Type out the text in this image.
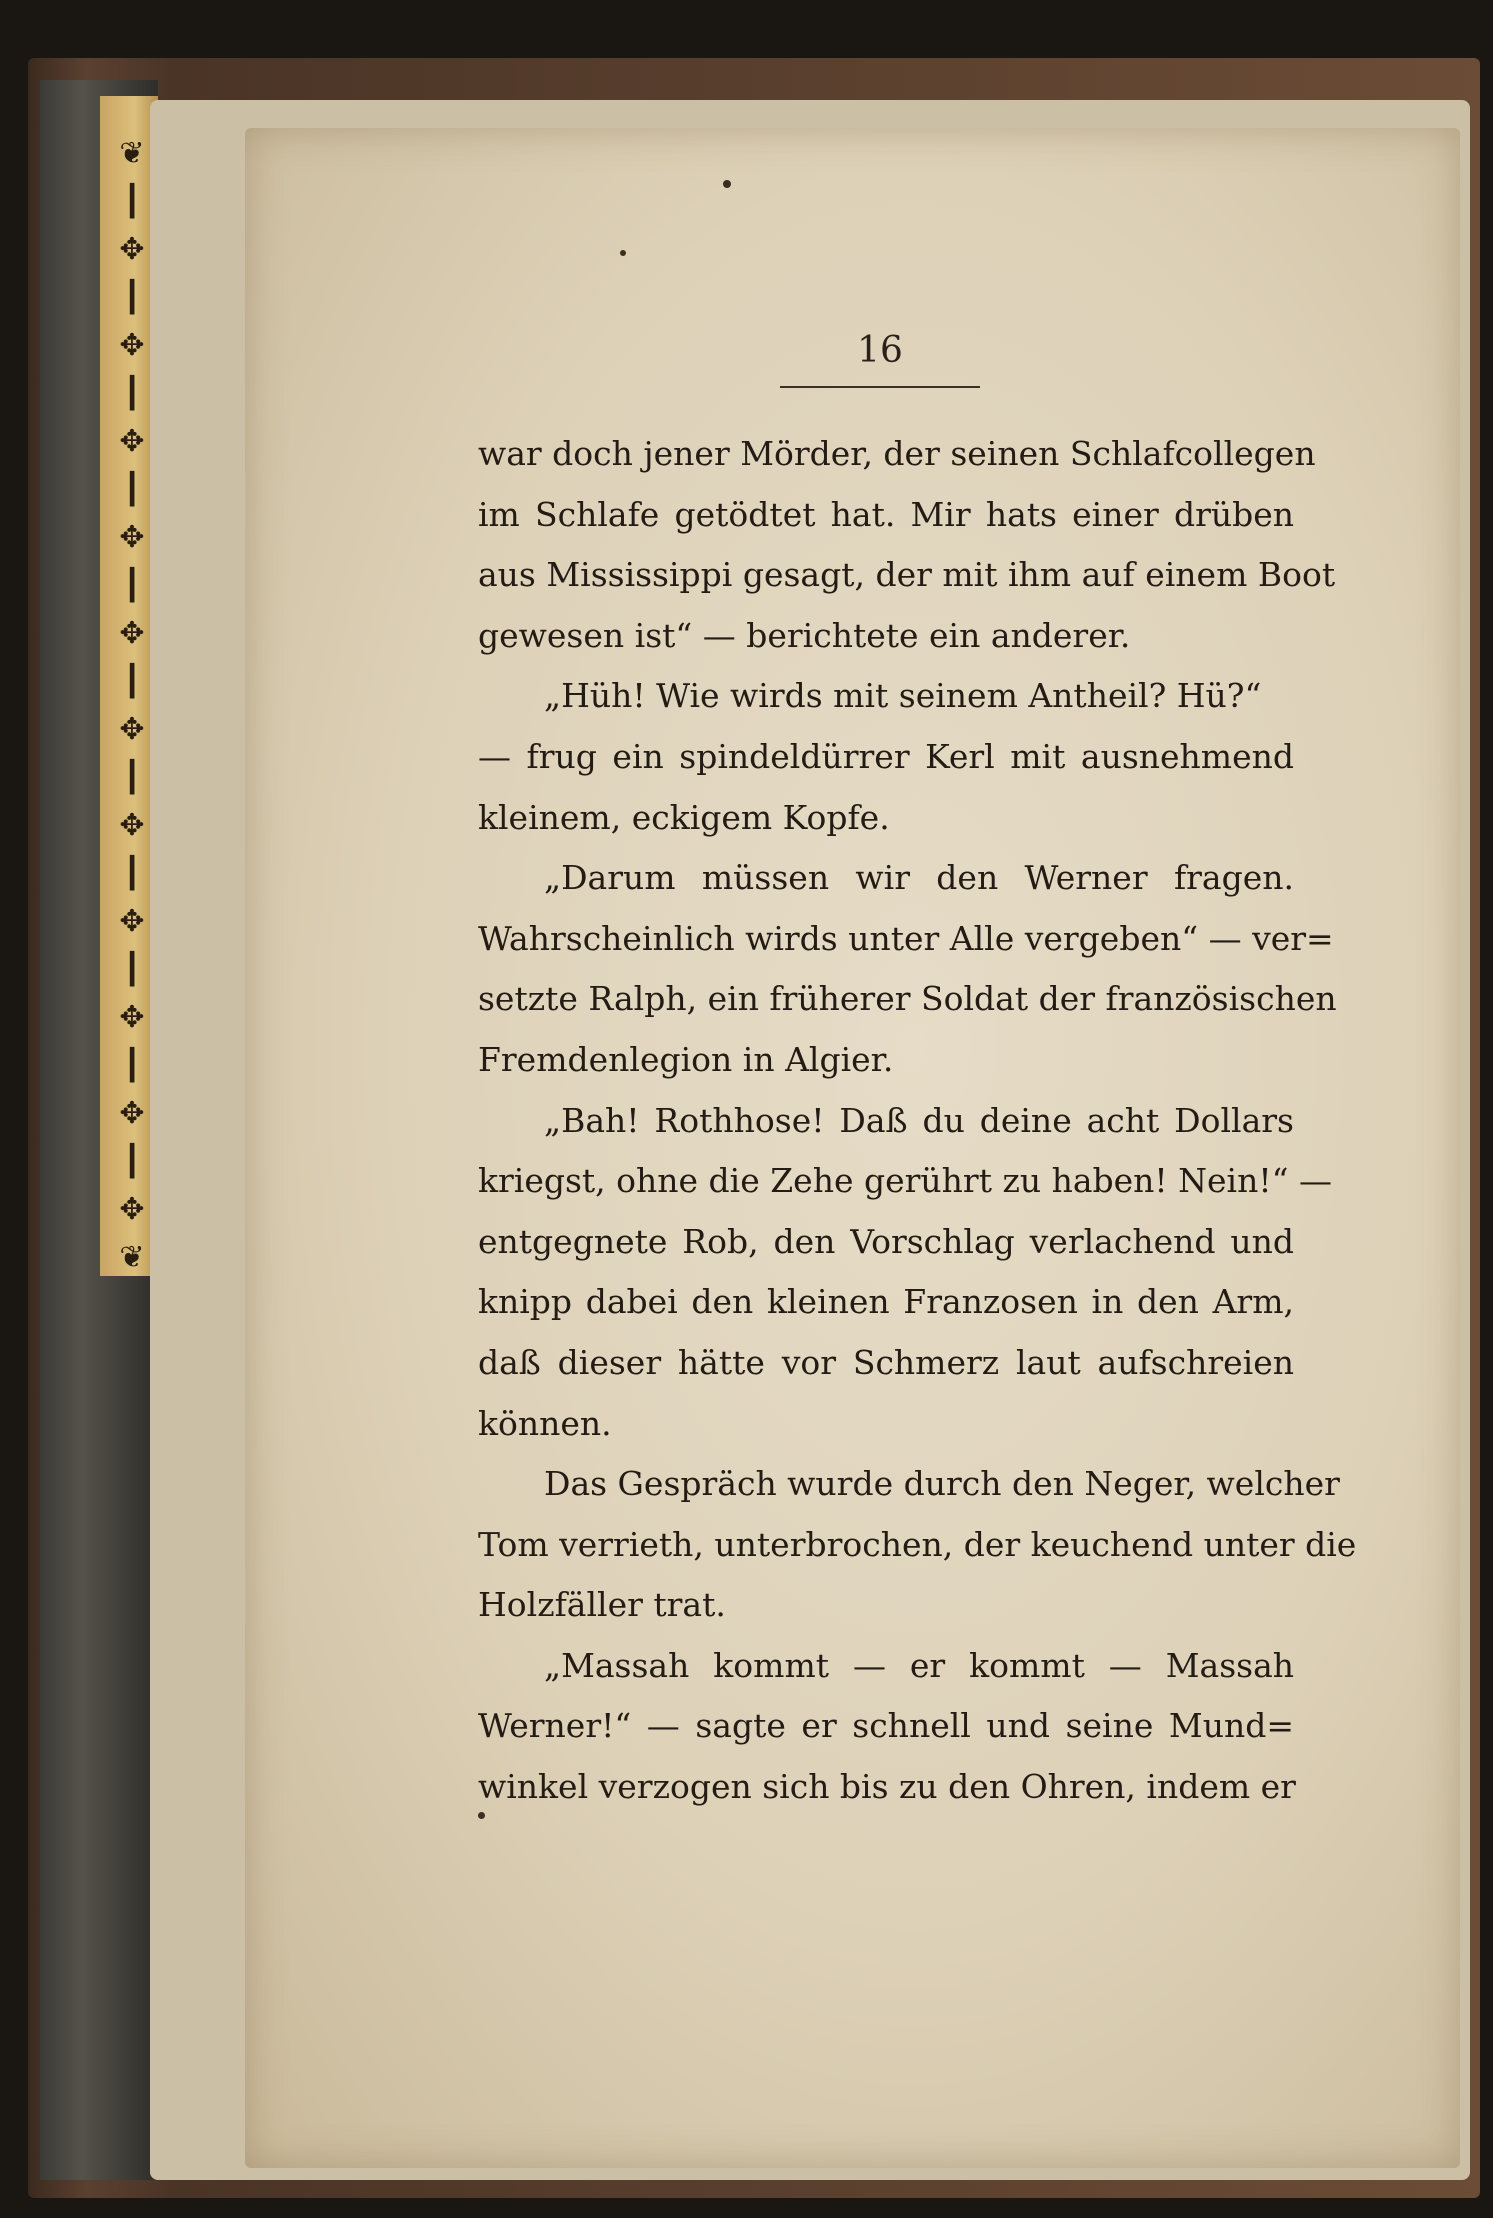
❦
┃
✥
┃
✥
┃
✥
┃
✥
┃
✥
┃
✥
┃
✥
┃
✥
┃
✥
┃
✥
┃
✥
❦
16
war doch jener Mörder, der seinen Schlafcollegen
im Schlafe getödtet hat. Mir hats einer drüben
aus Mississippi gesagt, der mit ihm auf einem Boot
gewesen ist“ — berichtete ein anderer.
„Hüh! Wie wirds mit seinem Antheil? Hü?“
— frug ein spindeldürrer Kerl mit ausnehmend
kleinem, eckigem Kopfe.
„Darum müssen wir den Werner fragen.
Wahrscheinlich wirds unter Alle vergeben“ — ver=
setzte Ralph, ein früherer Soldat der französischen
Fremdenlegion in Algier.
„Bah! Rothhose! Daß du deine acht Dollars
kriegst, ohne die Zehe gerührt zu haben! Nein!“ —
entgegnete Rob, den Vorschlag verlachend und
knipp dabei den kleinen Franzosen in den Arm,
daß dieser hätte vor Schmerz laut aufschreien
können.
Das Gespräch wurde durch den Neger, welcher
Tom verrieth, unterbrochen, der keuchend unter die
Holzfäller trat.
„Massah kommt — er kommt — Massah
Werner!“ — sagte er schnell und seine Mund=
winkel verzogen sich bis zu den Ohren, indem er
